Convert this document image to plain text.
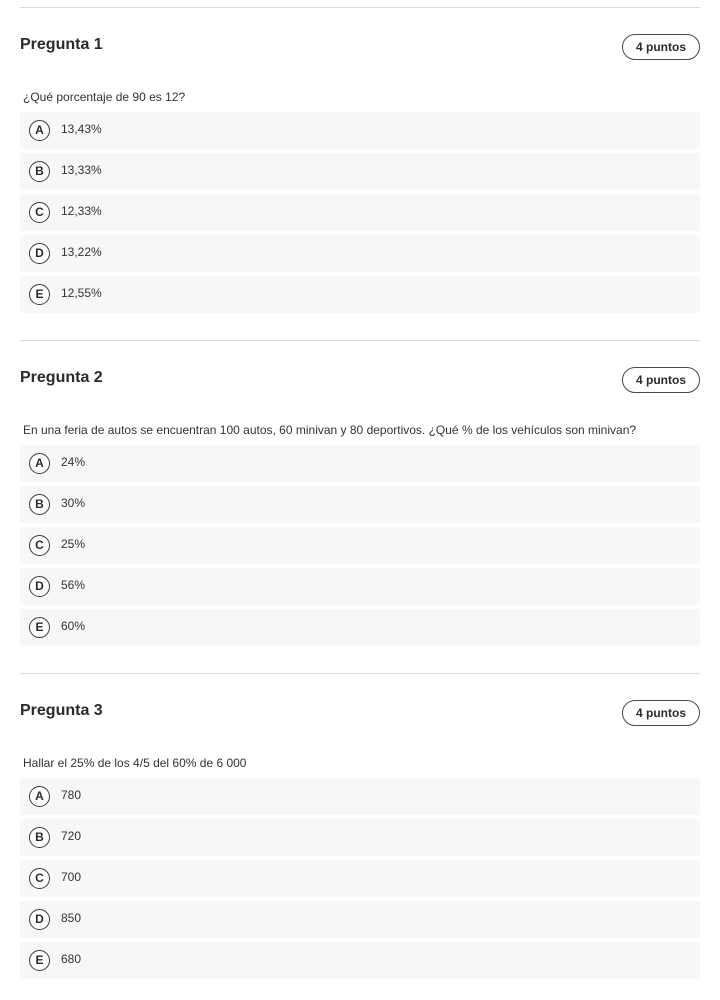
Pregunta 1	4 puntos
¿Qué porcentaje de 90 es 12?
A	13,43%
B	13,33%
C	12,33%
D	13,22%
E	12,55%
Pregunta 2	4 puntos
En una feria de autos se encuentran 100 autos, 60 minivan y 80 deportivos. ¿Qué % de los vehículos son minivan?
A	24%
B	30%
C	25%
D	56%
E	60%
Pregunta 3	4 puntos
Hallar el 25% de los 4/5 del 60% de 6 000
A	780
B	720
C	700
D	850
E	680
